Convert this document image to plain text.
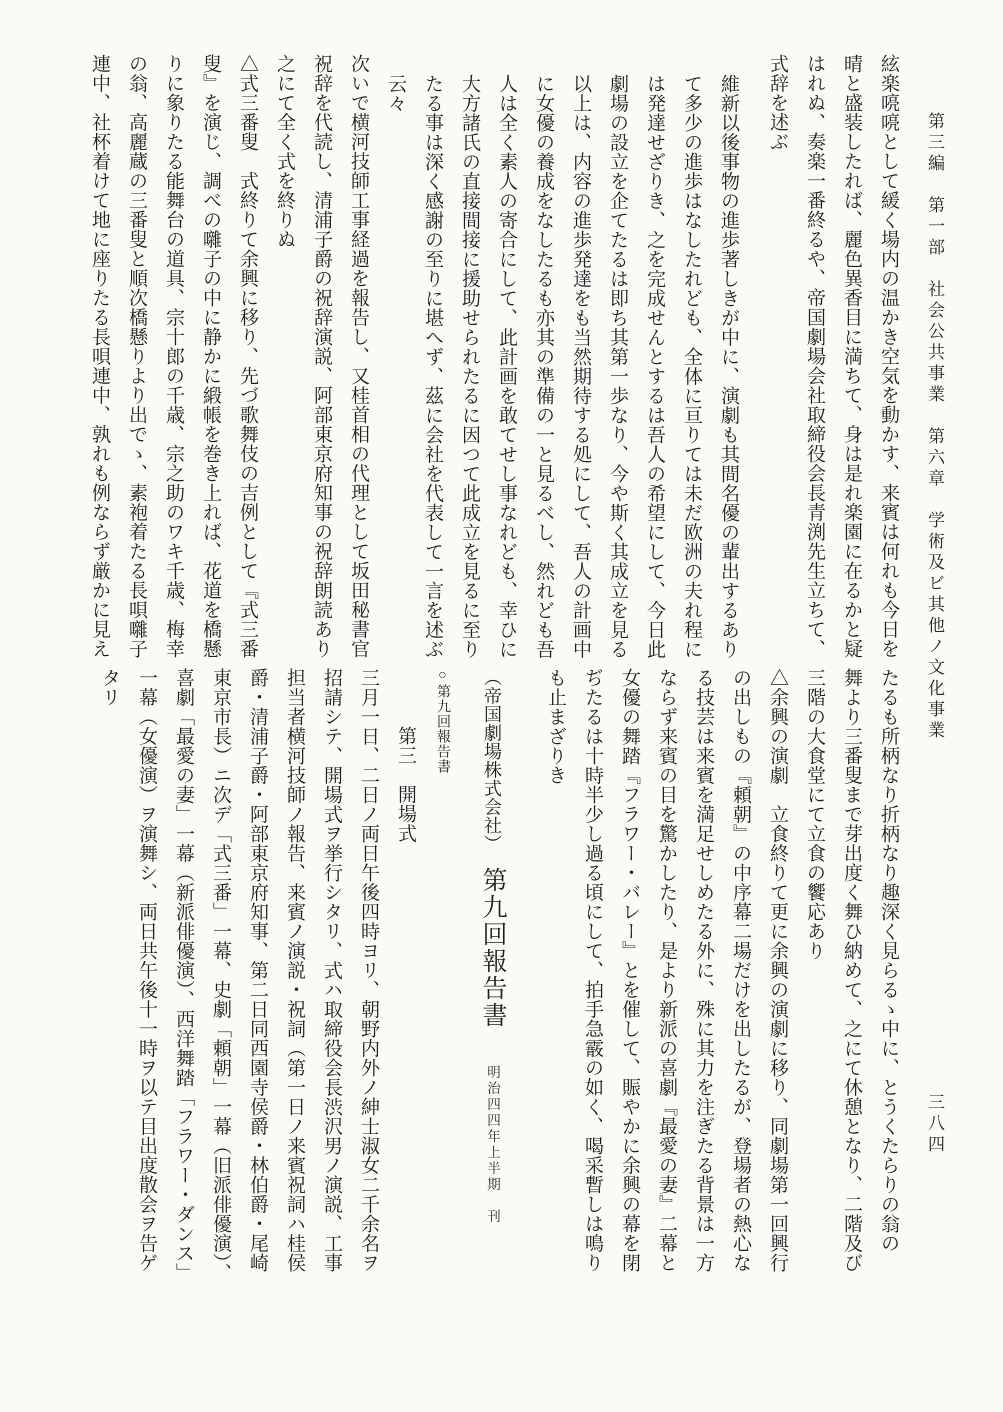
第三編　第一部　社会公共事業　第六章　学術及ビ其他ノ文化事業
三八四

絃楽喨喨として緩く場内の温かき空気を動かす、来賓は何れも今日を

晴と盛装したれば、麗色異香目に満ちて、身は是れ楽園に在るかと疑

はれぬ、奏楽一番終るや、帝国劇場会社取締役会長青渕先生立ちて、

式辞を述ぶ

維新以後事物の進歩著しきが中に、演劇も其間名優の輩出するあり

て多少の進歩はなしたれども、全体に亘りては未だ欧洲の夫れ程に

は発達せざりき、之を完成せんとするは吾人の希望にして、今日此

劇場の設立を企てたるは即ち其第一歩なり、今や斯く其成立を見る

以上は、内容の進歩発達をも当然期待する処にして、吾人の計画中

に女優の養成をなしたるも亦其の準備の一と見るべし、然れども吾

人は全く素人の寄合にして、此計画を敢てせし事なれども、幸ひに

大方諸氏の直接間接に援助せられたるに因つて此成立を見るに至り

たる事は深く感謝の至りに堪へず、茲に会社を代表して一言を述ぶ

云々

次いで横河技師工事経過を報告し、又桂首相の代理として坂田秘書官

祝辞を代読し、清浦子爵の祝辞演説、阿部東京府知事の祝辞朗読あり

之にて全く式を終りぬ

△式三番叟　式終りて余興に移り、先づ歌舞伎の吉例として『式三番

叟』を演じ、調べの囃子の中に静かに緞帳を巻き上れば、花道を橋懸

りに象りたる能舞台の道具、宗十郎の千歳、宗之助のワキ千歳、梅幸

の翁、高麗蔵の三番叟と順次橋懸りより出でゝ、素袍着たる長唄囃子

連中、社杯着けて地に座りたる長唄連中、孰れも例ならず厳かに見え

たるも所柄なり折柄なり趣深く見らるゝ中に、とうくたらりの翁の

舞より三番叟まで芽出度く舞ひ納めて、之にて休憩となり、二階及び

三階の大食堂にて立食の饗応あり

△余興の演劇　立食終りて更に余興の演劇に移り、同劇場第一回興行

の出しもの『頼朝』の中序幕二場だけを出したるが、登場者の熱心な

る技芸は来賓を満足せしめたる外に、殊に其力を注ぎたる背景は一方

ならず来賓の目を驚かしたり、是より新派の喜劇『最愛の妻』二幕と

女優の舞踏『フラワー・バレー』とを催して、賑やかに余興の幕を閉

ぢたるは十時半少し過る頃にして、拍手急霰の如く、喝采暫しは鳴り

も止まざりき

（帝国劇場株式会社）第九回報告書明治四四年上半期　刊

○第九回報告書

第三　開場式

三月一日、二日ノ両日午後四時ヨリ、朝野内外ノ紳士淑女二千余名ヲ

招請シテ、開場式ヲ挙行シタリ、式ハ取締役会長渋沢男ノ演説、工事

担当者横河技師ノ報告、来賓ノ演説・祝詞（第一日ノ来賓祝詞ハ桂侯

爵・清浦子爵・阿部東京府知事、第二日同西園寺侯爵・林伯爵・尾崎

東京市長）ニ次デ「式三番」一幕、史劇「頼朝」一幕（旧派俳優演）、

喜劇「最愛の妻」一幕（新派俳優演）、西洋舞踏「フラワー・ダンス」

一幕（女優演）ヲ演舞シ、両日共午後十一時ヲ以テ目出度散会ヲ告ゲ

タリ
